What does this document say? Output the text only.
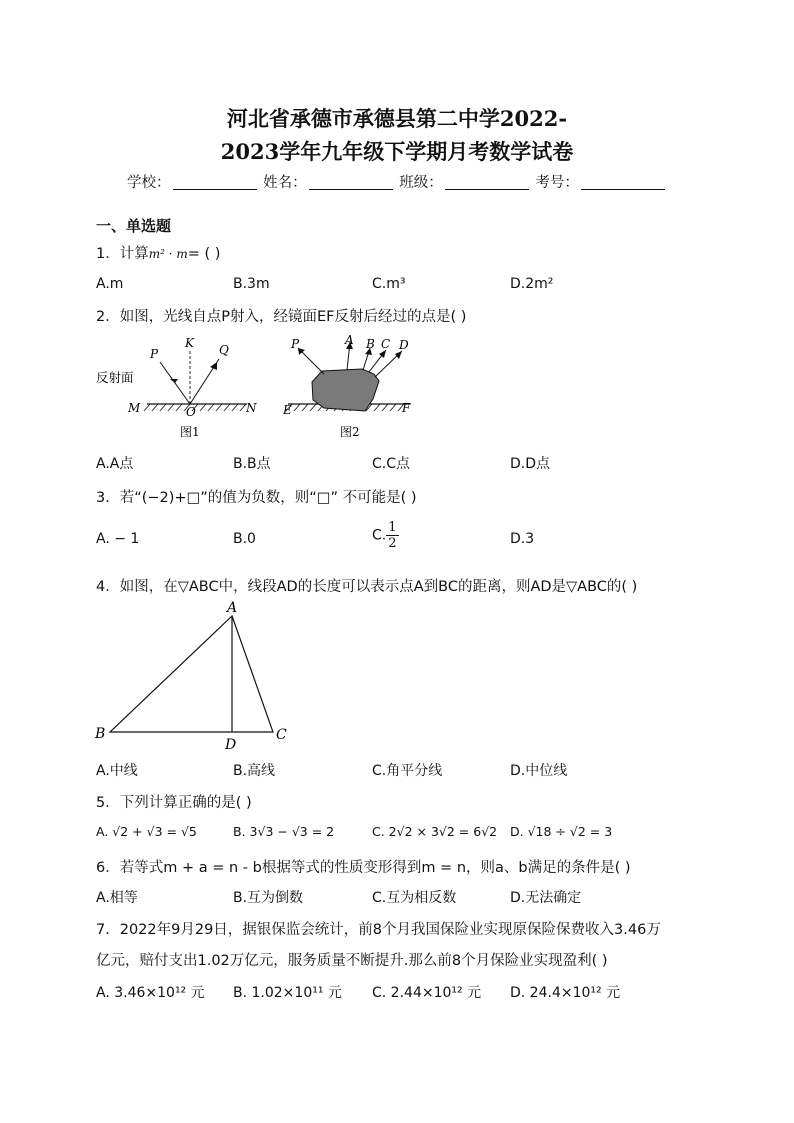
河北省承德市承德县第二中学2022-
2023学年九年级下学期月考数学试卷
学校：	姓名：	班级：	考号：
一、单选题
1．计算m² · m= ( )
A.m	B.3m	C.m³	D.2m²
2．如图，光线自点P射入，经镜面EF反射后经过的点是( )
反射面
P
K Q
M	O	N
图1
P	A B C D
E	F
图2
A.A点	B.B点	C.C点	D.D点
3．若“(−2)+□”的值为负数，则“□” 不可能是( )
A. − 1	B.0	C. $\frac{1}{2}$	D.3
4．如图，在▽ABC中，线段AD的长度可以表示点A到BC的距离，则AD是▽ABC的( )
A
B	C
D
A.中线	B.高线	C.角平分线	D.中位线
5．下列计算正确的是( )
A. √2 + √3 = √5	B. 3√3 − √3 = 2	C. 2√2 × 3√2 = 6√2 D. √18 ÷ √2 = 3
6．若等式m + a = n - b根据等式的性质变形得到m = n，则a、b满足的条件是( )
A.相等	B.互为倒数	C.互为相反数	D.无法确定
7．2022年9月29日，据银保监会统计，前8个月我国保险业实现原保险保费收入3.46万
亿元，赔付支出1.02万亿元，服务质量不断提升.那么前8个月保险业实现盈利( )
A. 3.46×10¹² 元 B. 1.02×10¹¹ 元 C. 2.44×10¹² 元 D. 24.4×10¹² 元
